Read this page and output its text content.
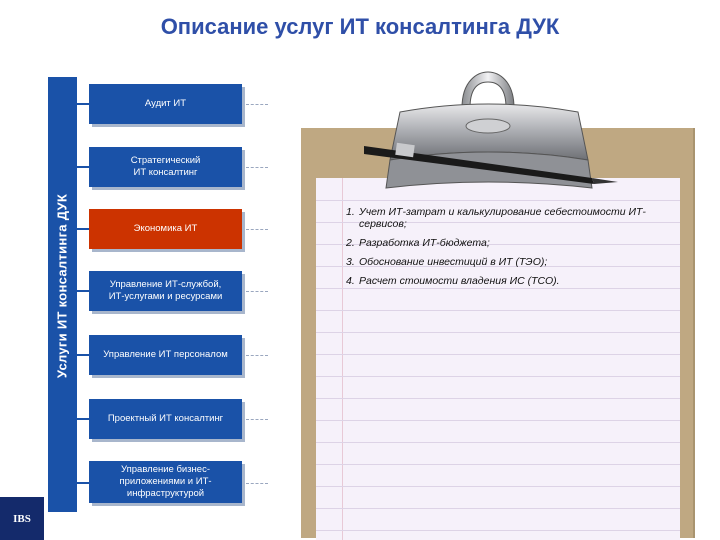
Описание услуг ИТ консалтинга ДУК
Услуги ИТ консалтинга ДУК
Аудит ИТ
Стратегический
ИТ консалтинг
Экономика ИТ
Управление ИТ-службой,
ИТ-услугами и ресурсами
Управление ИТ персоналом
Проектный ИТ консалтинг
Управление бизнес-
приложениями и ИТ-
инфраструктурой
1. Учет ИТ-затрат и калькулирование себестоимости ИТ-сервисов;
2. Разработка ИТ-бюджета;
3. Обоснование инвестиций в ИТ (ТЭО);
4. Расчет стоимости владения ИС (ТСО).
IBS
